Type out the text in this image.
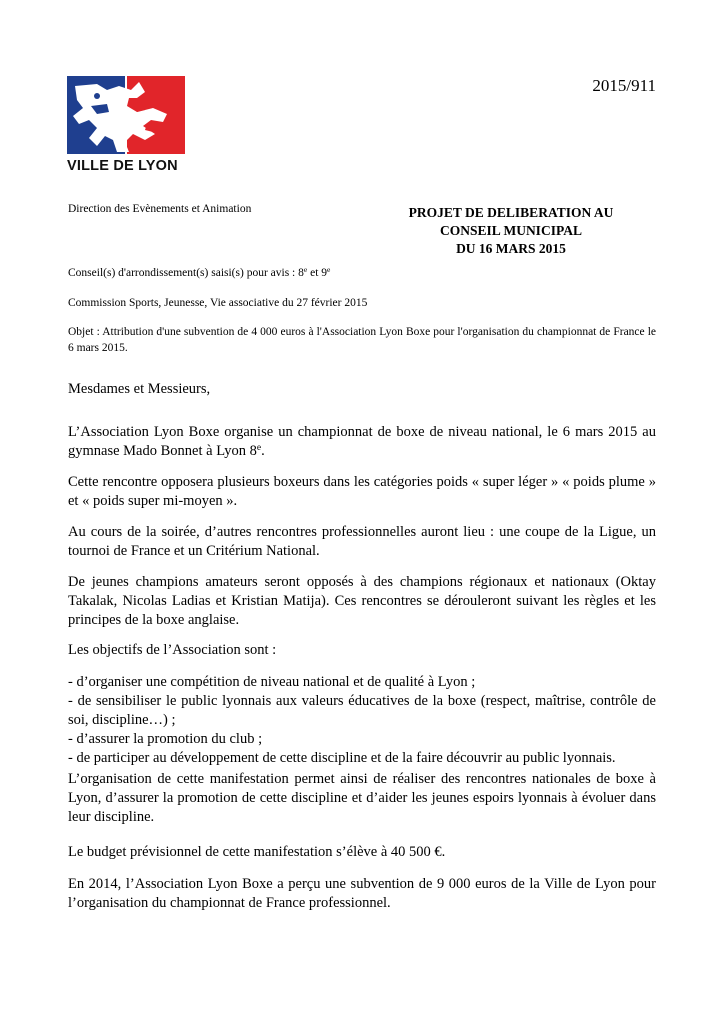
VILLE DE LYON
2015/911
Direction des Evènements et Animation	PROJET DE DELIBERATION AU
CONSEIL MUNICIPAL
DU 16 MARS 2015
Conseil(s) d'arrondissement(s) saisi(s) pour avis : 8e et 9e
Commission Sports, Jeunesse, Vie associative du 27 février 2015
Objet : Attribution d'une subvention de 4 000 euros à l'Association Lyon Boxe pour l'organisation du championnat de France le 6 mars 2015.
Mesdames et Messieurs,
L’Association Lyon Boxe organise un championnat de boxe de niveau national, le 6 mars 2015 au gymnase Mado Bonnet à Lyon 8e.
Cette rencontre opposera plusieurs boxeurs dans les catégories poids « super léger » « poids plume » et « poids super mi-moyen ».
Au cours de la soirée, d’autres rencontres professionnelles auront lieu : une coupe de la Ligue, un tournoi de France et un Critérium National.
De jeunes champions amateurs seront opposés à des champions régionaux et nationaux (Oktay Takalak, Nicolas Ladias et Kristian Matija). Ces rencontres se dérouleront suivant les règles et les principes de la boxe anglaise.
Les objectifs de l’Association sont :
- d’organiser une compétition de niveau national et de qualité à Lyon ;
- de sensibiliser le public lyonnais aux valeurs éducatives de la boxe (respect, maîtrise, contrôle de soi, discipline…) ;
- d’assurer la promotion du club ;
- de participer au développement de cette discipline et de la faire découvrir au public lyonnais.
L’organisation de cette manifestation permet ainsi de réaliser des rencontres nationales de boxe à Lyon, d’assurer la promotion de cette discipline et d’aider les jeunes espoirs lyonnais à évoluer dans leur discipline.
Le budget prévisionnel de cette manifestation s’élève à 40 500 €.
En 2014, l’Association Lyon Boxe a perçu une subvention de 9 000 euros de la Ville de Lyon pour l’organisation du championnat de France professionnel.
